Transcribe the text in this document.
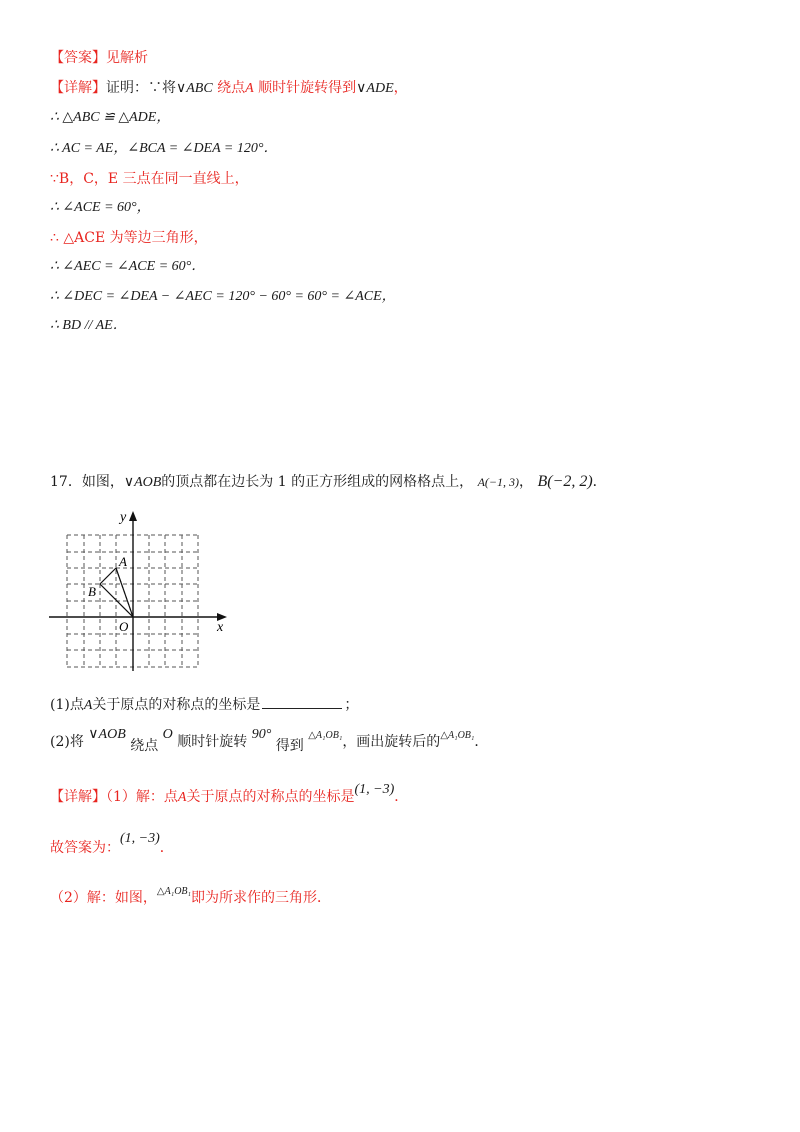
【答案】见解析
【详解】证明：∵将∨ABC 绕点A 顺时针旋转得到∨ADE，
∴ △ABC ≌ △ADE，
∴ AC = AE，∠BCA = ∠DEA = 120°．
∵B，C，E 三点在同一直线上，
∴ ∠ACE = 60°，
∴ △ACE 为等边三角形，
∴ ∠AEC = ∠ACE = 60°．
∴ ∠DEC = ∠DEA − ∠AEC = 120° − 60° = 60° = ∠ACE，
∴ BD // AE．
17．如图，∨AOB的顶点都在边长为 1 的正方形组成的网格格点上， A(−1, 3)， B(−2, 2)．
x
y
A
B
O
(1)点A关于原点的对称点的坐标是	；
(2)将 ∨AOB 绕点 O 顺时针旋转 90° 得到 $^{\triangle A_1OB_1}$，画出旋转后的$^{\triangle A_1OB_1}$．
【详解】（1）解：点A关于原点的对称点的坐标是(1, −3)．
故答案为：(1, −3)．
（2）解：如图，$^{\triangle A_1OB_1}$即为所求作的三角形．
